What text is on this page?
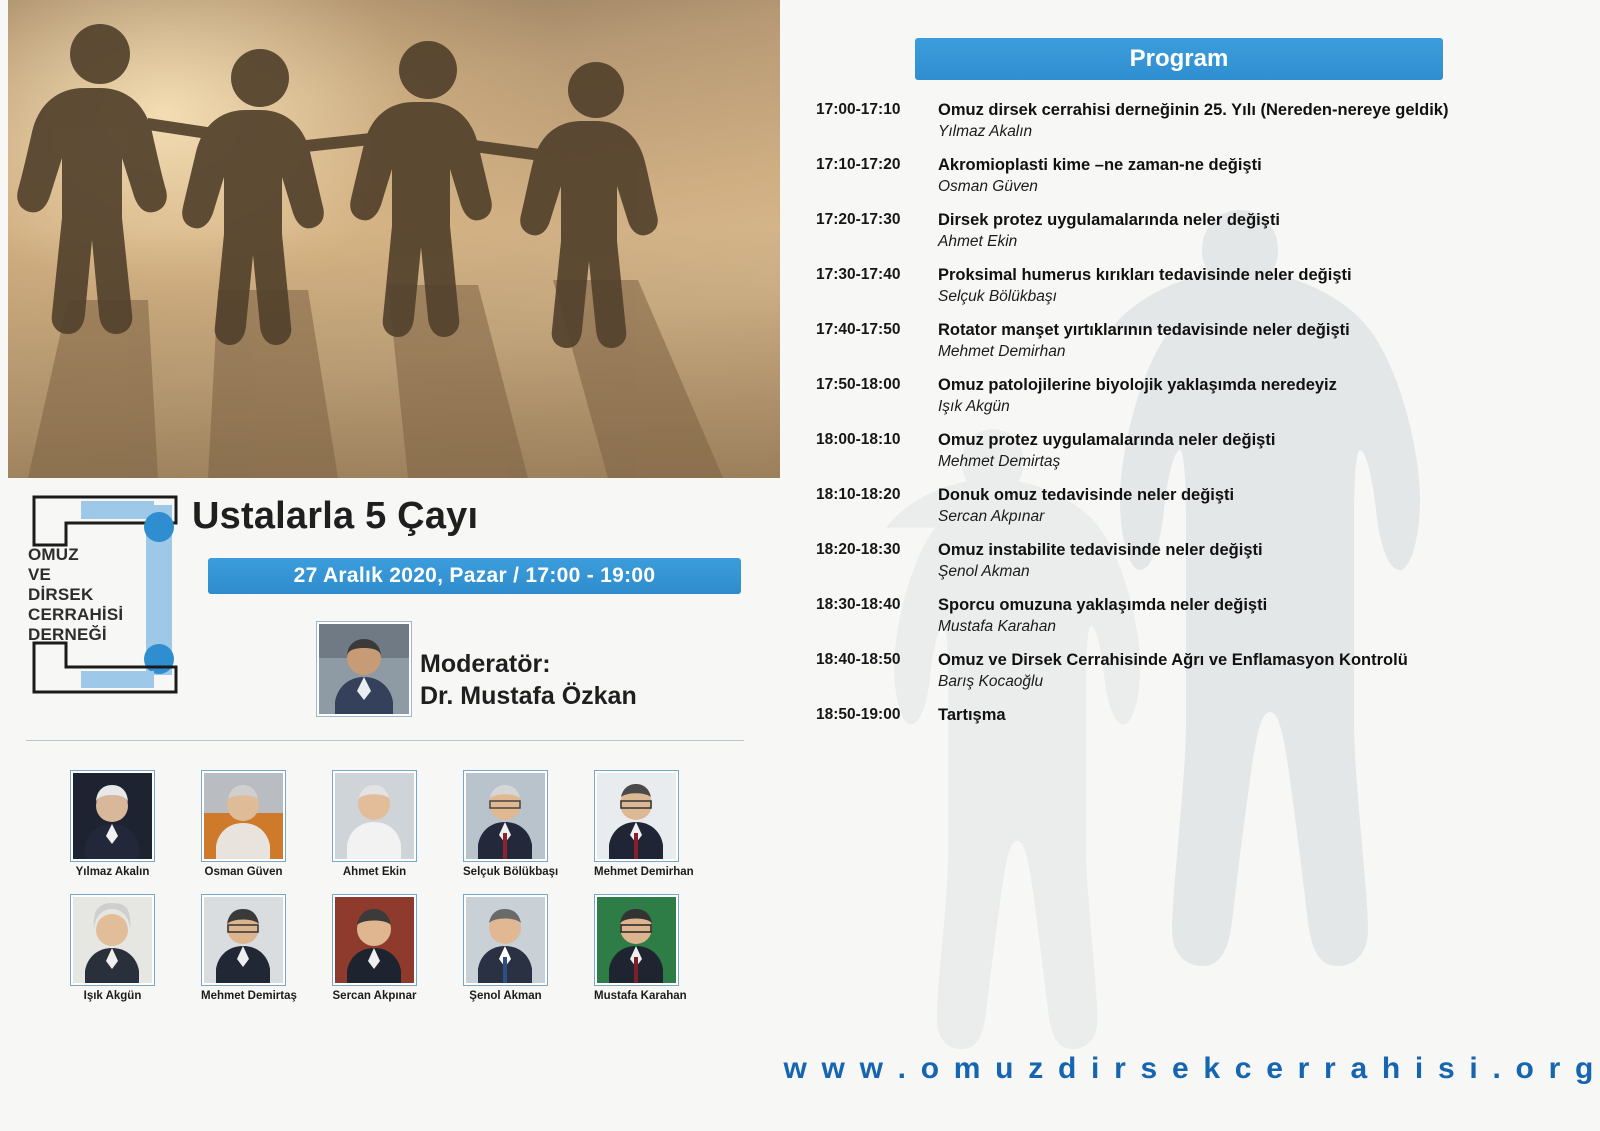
OMUZ
VE
DİRSEK
CERRAHİSİ
DERNEĞİ
Ustalarla 5 Çayı
27 Aralık 2020, Pazar / 17:00 - 19:00
Moderatör:
Dr. Mustafa Özkan
Yılmaz Akalın	Osman Güven	Ahmet Ekin	Selçuk Bölükbaşı	Mehmet Demirhan
Işık Akgün	Mehmet Demirtaş	Sercan Akpınar	Şenol Akman	Mustafa Karahan
Program
17:00-17:10	Omuz dirsek cerrahisi derneğinin 25. Yılı (Nereden-nereye geldik)
Yılmaz Akalın
17:10-17:20	Akromioplasti kime –ne zaman-ne değişti
Osman Güven
17:20-17:30	Dirsek protez uygulamalarında neler değişti
Ahmet Ekin
17:30-17:40	Proksimal humerus kırıkları tedavisinde neler değişti
Selçuk Bölükbaşı
17:40-17:50	Rotator manşet yırtıklarının tedavisinde neler değişti
Mehmet Demirhan
17:50-18:00	Omuz patolojilerine biyolojik yaklaşımda neredeyiz
Işık Akgün
18:00-18:10	Omuz protez uygulamalarında neler değişti
Mehmet Demirtaş
18:10-18:20	Donuk omuz tedavisinde neler değişti
Sercan Akpınar
18:20-18:30	Omuz instabilite tedavisinde neler değişti
Şenol Akman
18:30-18:40	Sporcu omuzuna yaklaşımda neler değişti
Mustafa Karahan
18:40-18:50	Omuz ve Dirsek Cerrahisinde Ağrı ve Enflamasyon Kontrolü
Barış Kocaoğlu
18:50-19:00	Tartışma
w w w . o m u z d i r s e k c e r r a h i s i . o r g
